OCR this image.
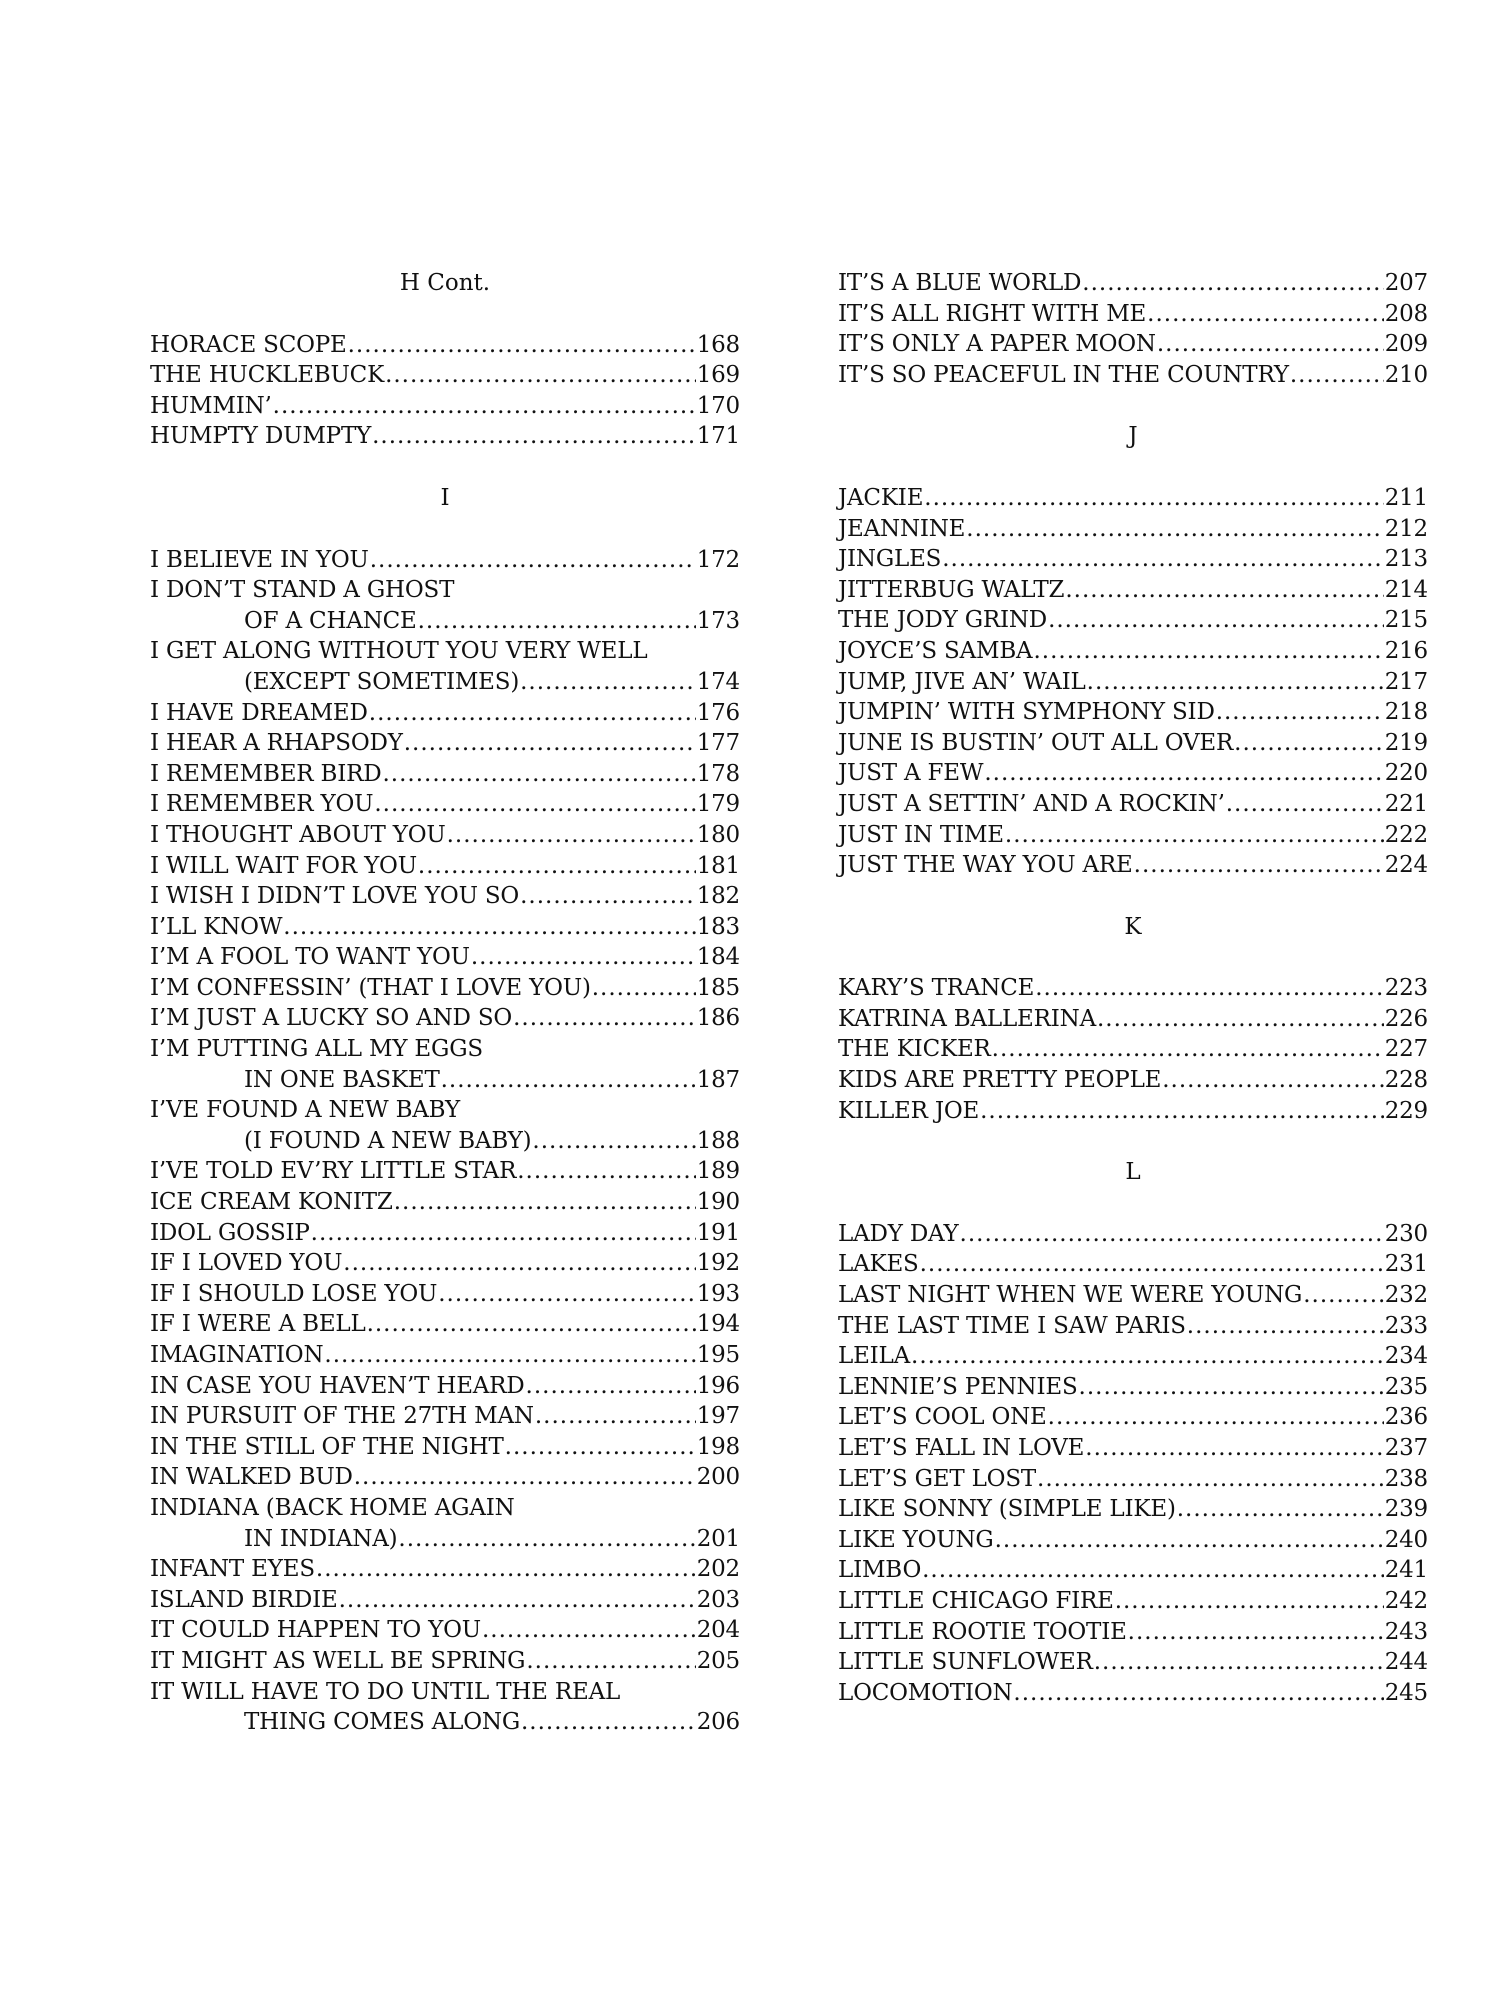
H Cont.
HORACE SCOPE .....	168
THE HUCKLEBUCK .....	169
HUMMIN’ .....	170
HUMPTY DUMPTY .....	171
I
I BELIEVE IN YOU .....	172
I DON’T STAND A GHOST
OF A CHANCE .....	173
I GET ALONG WITHOUT YOU VERY WELL
(EXCEPT SOMETIMES) .....	174
I HAVE DREAMED .....	176
I HEAR A RHAPSODY .....	177
I REMEMBER BIRD .....	178
I REMEMBER YOU .....	179
I THOUGHT ABOUT YOU .....	180
I WILL WAIT FOR YOU .....	181
I WISH I DIDN’T LOVE YOU SO .....	182
I’LL KNOW .....	183
I’M A FOOL TO WANT YOU .....	184
I’M CONFESSIN’ (THAT I LOVE YOU) .....	185
I’M JUST A LUCKY SO AND SO .....	186
I’M PUTTING ALL MY EGGS
IN ONE BASKET .....	187
I’VE FOUND A NEW BABY
(I FOUND A NEW BABY) .....	188
I’VE TOLD EV’RY LITTLE STAR .....	189
ICE CREAM KONITZ .....	190
IDOL GOSSIP .....	191
IF I LOVED YOU .....	192
IF I SHOULD LOSE YOU .....	193
IF I WERE A BELL .....	194
IMAGINATION .....	195
IN CASE YOU HAVEN’T HEARD .....	196
IN PURSUIT OF THE 27TH MAN .....	197
IN THE STILL OF THE NIGHT .....	198
IN WALKED BUD .....	200
INDIANA (BACK HOME AGAIN
IN INDIANA) .....	201
INFANT EYES .....	202
ISLAND BIRDIE .....	203
IT COULD HAPPEN TO YOU .....	204
IT MIGHT AS WELL BE SPRING .....	205
IT WILL HAVE TO DO UNTIL THE REAL
THING COMES ALONG .....	206
IT’S A BLUE WORLD .....	207
IT’S ALL RIGHT WITH ME .....	208
IT’S ONLY A PAPER MOON .....	209
IT’S SO PEACEFUL IN THE COUNTRY .....	210
J
JACKIE .....	211
JEANNINE .....	212
JINGLES .....	213
JITTERBUG WALTZ .....	214
THE JODY GRIND .....	215
JOYCE’S SAMBA .....	216
JUMP, JIVE AN’ WAIL .....	217
JUMPIN’ WITH SYMPHONY SID .....	218
JUNE IS BUSTIN’ OUT ALL OVER .....	219
JUST A FEW .....	220
JUST A SETTIN’ AND A ROCKIN’ .....	221
JUST IN TIME .....	222
JUST THE WAY YOU ARE .....	224
K
KARY’S TRANCE .....	223
KATRINA BALLERINA .....	226
THE KICKER .....	227
KIDS ARE PRETTY PEOPLE .....	228
KILLER JOE .....	229
L
LADY DAY .....	230
LAKES .....	231
LAST NIGHT WHEN WE WERE YOUNG .....	232
THE LAST TIME I SAW PARIS .....	233
LEILA .....	234
LENNIE’S PENNIES .....	235
LET’S COOL ONE .....	236
LET’S FALL IN LOVE .....	237
LET’S GET LOST .....	238
LIKE SONNY (SIMPLE LIKE) .....	239
LIKE YOUNG .....	240
LIMBO .....	241
LITTLE CHICAGO FIRE .....	242
LITTLE ROOTIE TOOTIE .....	243
LITTLE SUNFLOWER .....	244
LOCOMOTION .....	245
